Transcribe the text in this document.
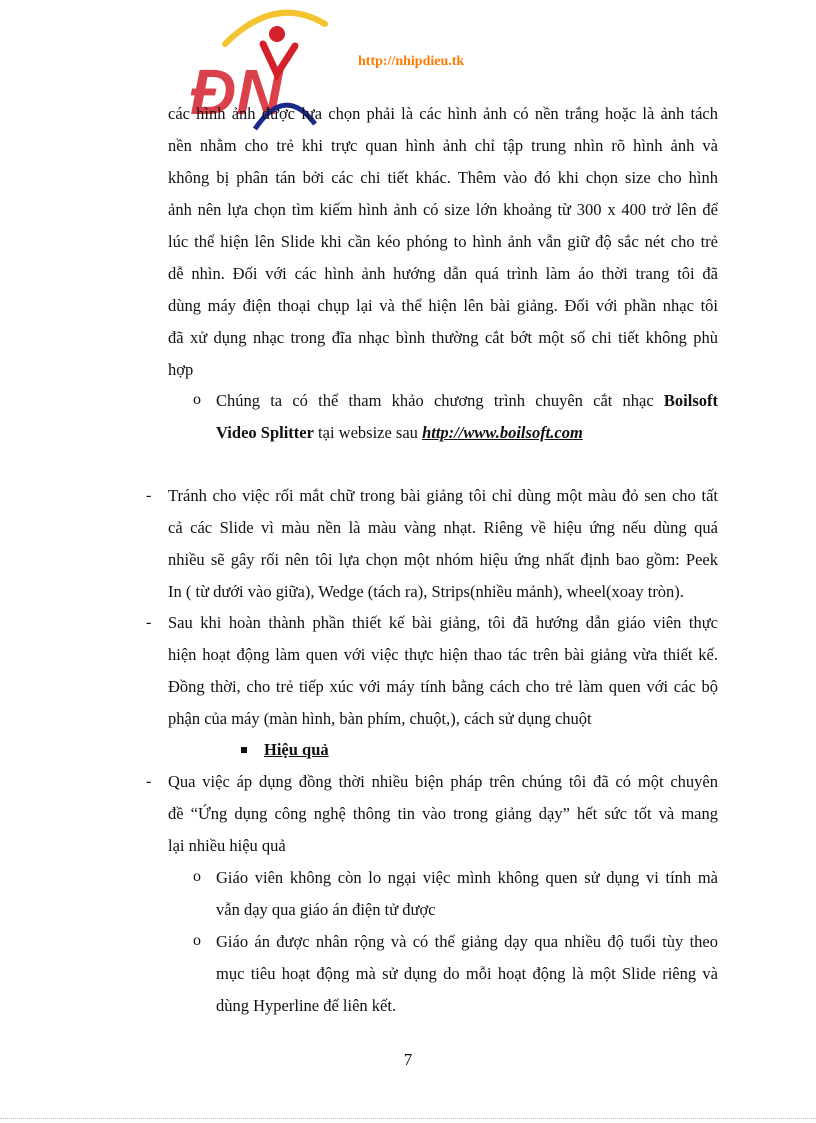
ĐN	http://nhipdieu.tk
các hình ảnh được lựa chọn phải là các hình ảnh có nền trắng hoặc là ảnh tách
nền nhằm cho trẻ khi trực quan hình ảnh chỉ tập trung nhìn rõ hình ảnh và
không bị phân tán bởi các chi tiết khác. Thêm vào đó khi chọn size cho hình
ảnh nên lựa chọn tìm kiếm hình ảnh có size lớn khoảng từ 300 x 400 trở lên để
lúc thể hiện lên Slide khi cần kéo phóng to hình ảnh vẫn giữ độ sắc nét cho trẻ
dễ nhìn. Đối với các hình ảnh hướng dẫn quá trình làm áo thời trang tôi đã
dùng máy điện thoại chụp lại và thể hiện lên bài giảng. Đối với phần nhạc tôi
đã xử dụng nhạc trong đĩa nhạc bình thường cắt bớt một số chi tiết không phù
hợp
o Chúng ta có thể tham khảo chương trình chuyên cắt nhạc Boilsoft
Video Splitter tại websize sau http://www.boilsoft.com
- Tránh cho việc rối mắt chữ trong bài giảng tôi chỉ dùng một màu đỏ sen cho tất
cả các Slide vì màu nền là màu vàng nhạt. Riêng về hiệu ứng nếu dùng quá
nhiều sẽ gây rối nên tôi lựa chọn một nhóm hiệu ứng nhất định bao gồm: Peek
In ( từ dưới vào giữa), Wedge (tách ra), Strips(nhiều mảnh), wheel(xoay tròn).
- Sau khi hoàn thành phần thiết kế bài giảng, tôi đã hướng dẫn giáo viên thực
hiện hoạt động làm quen với việc thực hiện thao tác trên bài giảng vừa thiết kế.
Đồng thời, cho trẻ tiếp xúc với máy tính bằng cách cho trẻ làm quen với các bộ
phận của máy (màn hình, bàn phím, chuột,), cách sử dụng chuột
Hiệu quả
- Qua việc áp dụng đồng thời nhiều biện pháp trên chúng tôi đã có một chuyên
đề “Ứng dụng công nghệ thông tin vào trong giảng dạy” hết sức tốt và mang
lại nhiều hiệu quả
o Giáo viên không còn lo ngại việc mình không quen sử dụng vi tính mà
vẫn dạy qua giáo án điện tử được
o Giáo án được nhân rộng và có thể giảng dạy qua nhiều độ tuổi tùy theo
mục tiêu hoạt động mà sử dụng do mỗi hoạt động là một Slide riêng và
dùng Hyperline để liên kết.
7
